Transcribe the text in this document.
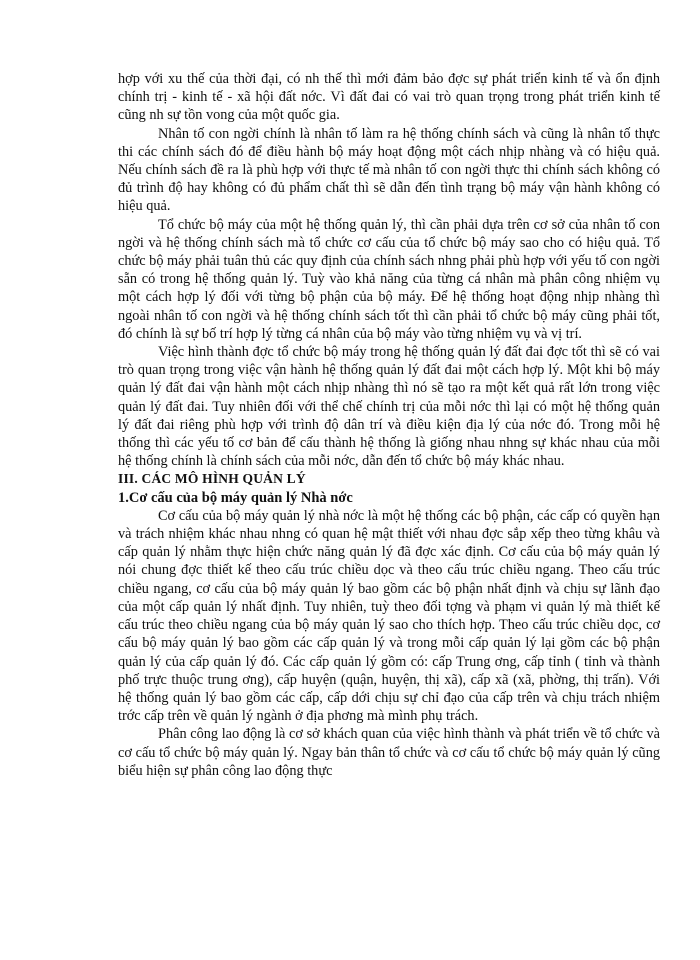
hợp với xu thế của thời đại, có nh thế thì mới đảm bảo đợc sự phát triển kinh tế và ổn định chính trị - kinh tế - xã hội đất nớc. Vì đất đai có vai trò quan trọng trong phát triển kinh tế cũng nh sự tồn vong của một quốc gia.

Nhân tố con ngời chính là nhân tố làm ra hệ thống chính sách và cũng là nhân tố thực thi các chính sách đó để điều hành bộ máy hoạt động một cách nhịp nhàng và có hiệu quả. Nếu chính sách đề ra là phù hợp với thực tế mà nhân tố con ngời thực thi chính sách không có đủ trình độ hay không có đủ phẩm chất thì sẽ dẫn đến tình trạng bộ máy vận hành không có hiệu quả.

Tổ chức bộ máy của một hệ thống quản lý, thì cần phải dựa trên cơ sở của nhân tố con ngời và hệ thống chính sách mà tổ chức cơ cấu của tổ chức bộ máy sao cho có hiệu quả. Tổ chức bộ máy phải tuân thủ các quy định của chính sách nhng phải phù hợp với yếu tố con ngời sẵn có trong hệ thống quản lý. Tuỳ vào khả năng của từng cá nhân mà phân công nhiệm vụ một cách hợp lý đối với từng bộ phận của bộ máy. Để hệ thống hoạt động nhịp nhàng thì ngoài nhân tố con ngời và hệ thống chính sách tốt thì cần phải tổ chức bộ máy cũng phải tốt, đó chính là sự bố trí hợp lý từng cá nhân của bộ máy vào từng nhiệm vụ và vị trí.

Việc hình thành đợc tổ chức bộ máy trong hệ thống quản lý đất đai đợc tốt thì sẽ có vai trò quan trọng trong việc vận hành hệ thống quản lý đất đai một cách hợp lý. Một khi bộ máy quản lý đất đai vận hành một cách nhịp nhàng thì nó sẽ tạo ra một kết quả rất lớn trong việc quản lý đất đai. Tuy nhiên đối với thể chế chính trị của mỗi nớc thì lại có một hệ thống quản lý đất đai riêng phù hợp với trình độ dân trí và điều kiện địa lý của nớc đó. Trong mỗi hệ thống thì các yếu tố cơ bản để cấu thành hệ thống là giống nhau nhng sự khác nhau của mỗi hệ thống chính là chính sách của mỗi nớc, dẫn đến tổ chức bộ máy khác nhau.

III. CÁC MÔ HÌNH QUẢN LÝ

1.Cơ cấu của bộ máy quản lý Nhà nớc

Cơ cấu của bộ máy quản lý nhà nớc là một hệ thống các bộ phận, các cấp có quyền hạn và trách nhiệm khác nhau nhng có quan hệ mật thiết với nhau đợc sắp xếp theo từng khâu và cấp quản lý nhằm thực hiện chức năng quản lý đã đợc xác định. Cơ cấu của bộ máy quản lý nói chung đợc thiết kế theo cấu trúc chiều dọc và theo cấu trúc chiều ngang. Theo cấu trúc chiều ngang, cơ cấu của bộ máy quản lý bao gồm các bộ phận nhất định và chịu sự lãnh đạo của một cấp quản lý nhất định. Tuy nhiên, tuỳ theo đối tợng và phạm vi quản lý mà thiết kế cấu trúc theo chiều ngang của bộ máy quản lý sao cho thích hợp. Theo cấu trúc chiều dọc, cơ cấu bộ máy quản lý bao gồm các cấp quản lý và trong mỗi cấp quản lý lại gồm các bộ phận quản lý của cấp quản lý đó. Các cấp quản lý gồm có: cấp Trung ơng, cấp tỉnh ( tỉnh và thành phố trực thuộc trung ơng), cấp huyện (quận, huyện, thị xã), cấp xã (xã, phờng, thị trấn). Với hệ thống quản lý bao gồm các cấp, cấp dới chịu sự chỉ đạo của cấp trên và chịu trách nhiệm trớc cấp trên về quản lý ngành ở địa phơng mà mình phụ trách.

Phân công lao động là cơ sở khách quan của việc hình thành và phát triển về tổ chức và cơ cấu tổ chức bộ máy quản lý. Ngay bản thân tổ chức và cơ cấu tổ chức bộ máy quản lý cũng biểu hiện sự phân công lao động thực
